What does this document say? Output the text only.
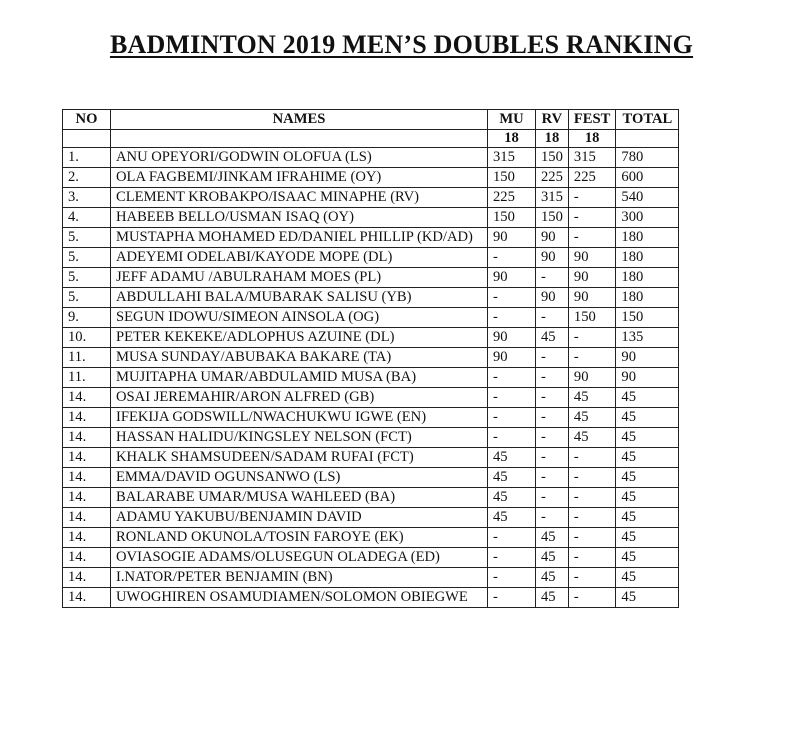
BADMINTON 2019 MEN’S DOUBLES RANKING
NO	NAMES	MU	RV	FEST	TOTAL
		18	18	18	
1.	ANU OPEYORI/GODWIN OLOFUA (LS)	315	150	315	780
2.	OLA FAGBEMI/JINKAM IFRAHIME (OY)	150	225	225	600
3.	CLEMENT KROBAKPO/ISAAC MINAPHE (RV)	225	315	-	540
4.	HABEEB BELLO/USMAN ISAQ (OY)	150	150	-	300
5.	MUSTAPHA MOHAMED ED/DANIEL PHILLIP (KD/AD)	90	90	-	180
5.	ADEYEMI ODELABI/KAYODE MOPE (DL)	-	90	90	180
5.	JEFF ADAMU /ABULRAHAM MOES (PL)	90	-	90	180
5.	ABDULLAHI BALA/MUBARAK SALISU (YB)	-	90	90	180
9.	SEGUN IDOWU/SIMEON AINSOLA (OG)	-	-	150	150
10.	PETER KEKEKE/ADLOPHUS AZUINE (DL)	90	45	-	135
11.	MUSA SUNDAY/ABUBAKA BAKARE (TA)	90	-	-	90
11.	MUJITAPHA UMAR/ABDULAMID MUSA (BA)	-	-	90	90
14.	OSAI JEREMAHIR/ARON ALFRED (GB)	-	-	45	45
14.	IFEKIJA GODSWILL/NWACHUKWU IGWE (EN)	-	-	45	45
14.	HASSAN HALIDU/KINGSLEY NELSON (FCT)	-	-	45	45
14.	KHALK SHAMSUDEEN/SADAM RUFAI (FCT)	45	-	-	45
14.	EMMA/DAVID OGUNSANWO (LS)	45	-	-	45
14.	BALARABE UMAR/MUSA WAHLEED (BA)	45	-	-	45
14.	ADAMU YAKUBU/BENJAMIN DAVID	45	-	-	45
14.	RONLAND OKUNOLA/TOSIN FAROYE (EK)	-	45	-	45
14.	OVIASOGIE ADAMS/OLUSEGUN OLADEGA (ED)	-	45	-	45
14.	I.NATOR/PETER BENJAMIN (BN)	-	45	-	45
14.	UWOGHIREN OSAMUDIAMEN/SOLOMON OBIEGWE	-	45	-	45
